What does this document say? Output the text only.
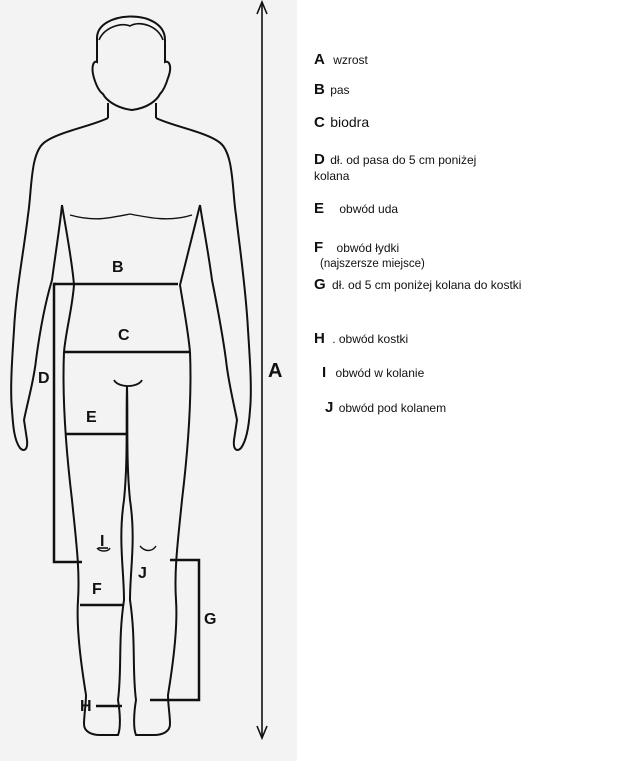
A
B
C
D
E
F
G
H
I
J
A wzrost
B pas
C biodra
D dł. od pasa do 5 cm poniżej
kolana
E obwód uda
F obwód łydki
(najszersze miejsce)
G dł. od 5 cm poniżej kolana do kostki
H . obwód kostki
I obwód w kolanie
J obwód pod kolanem
